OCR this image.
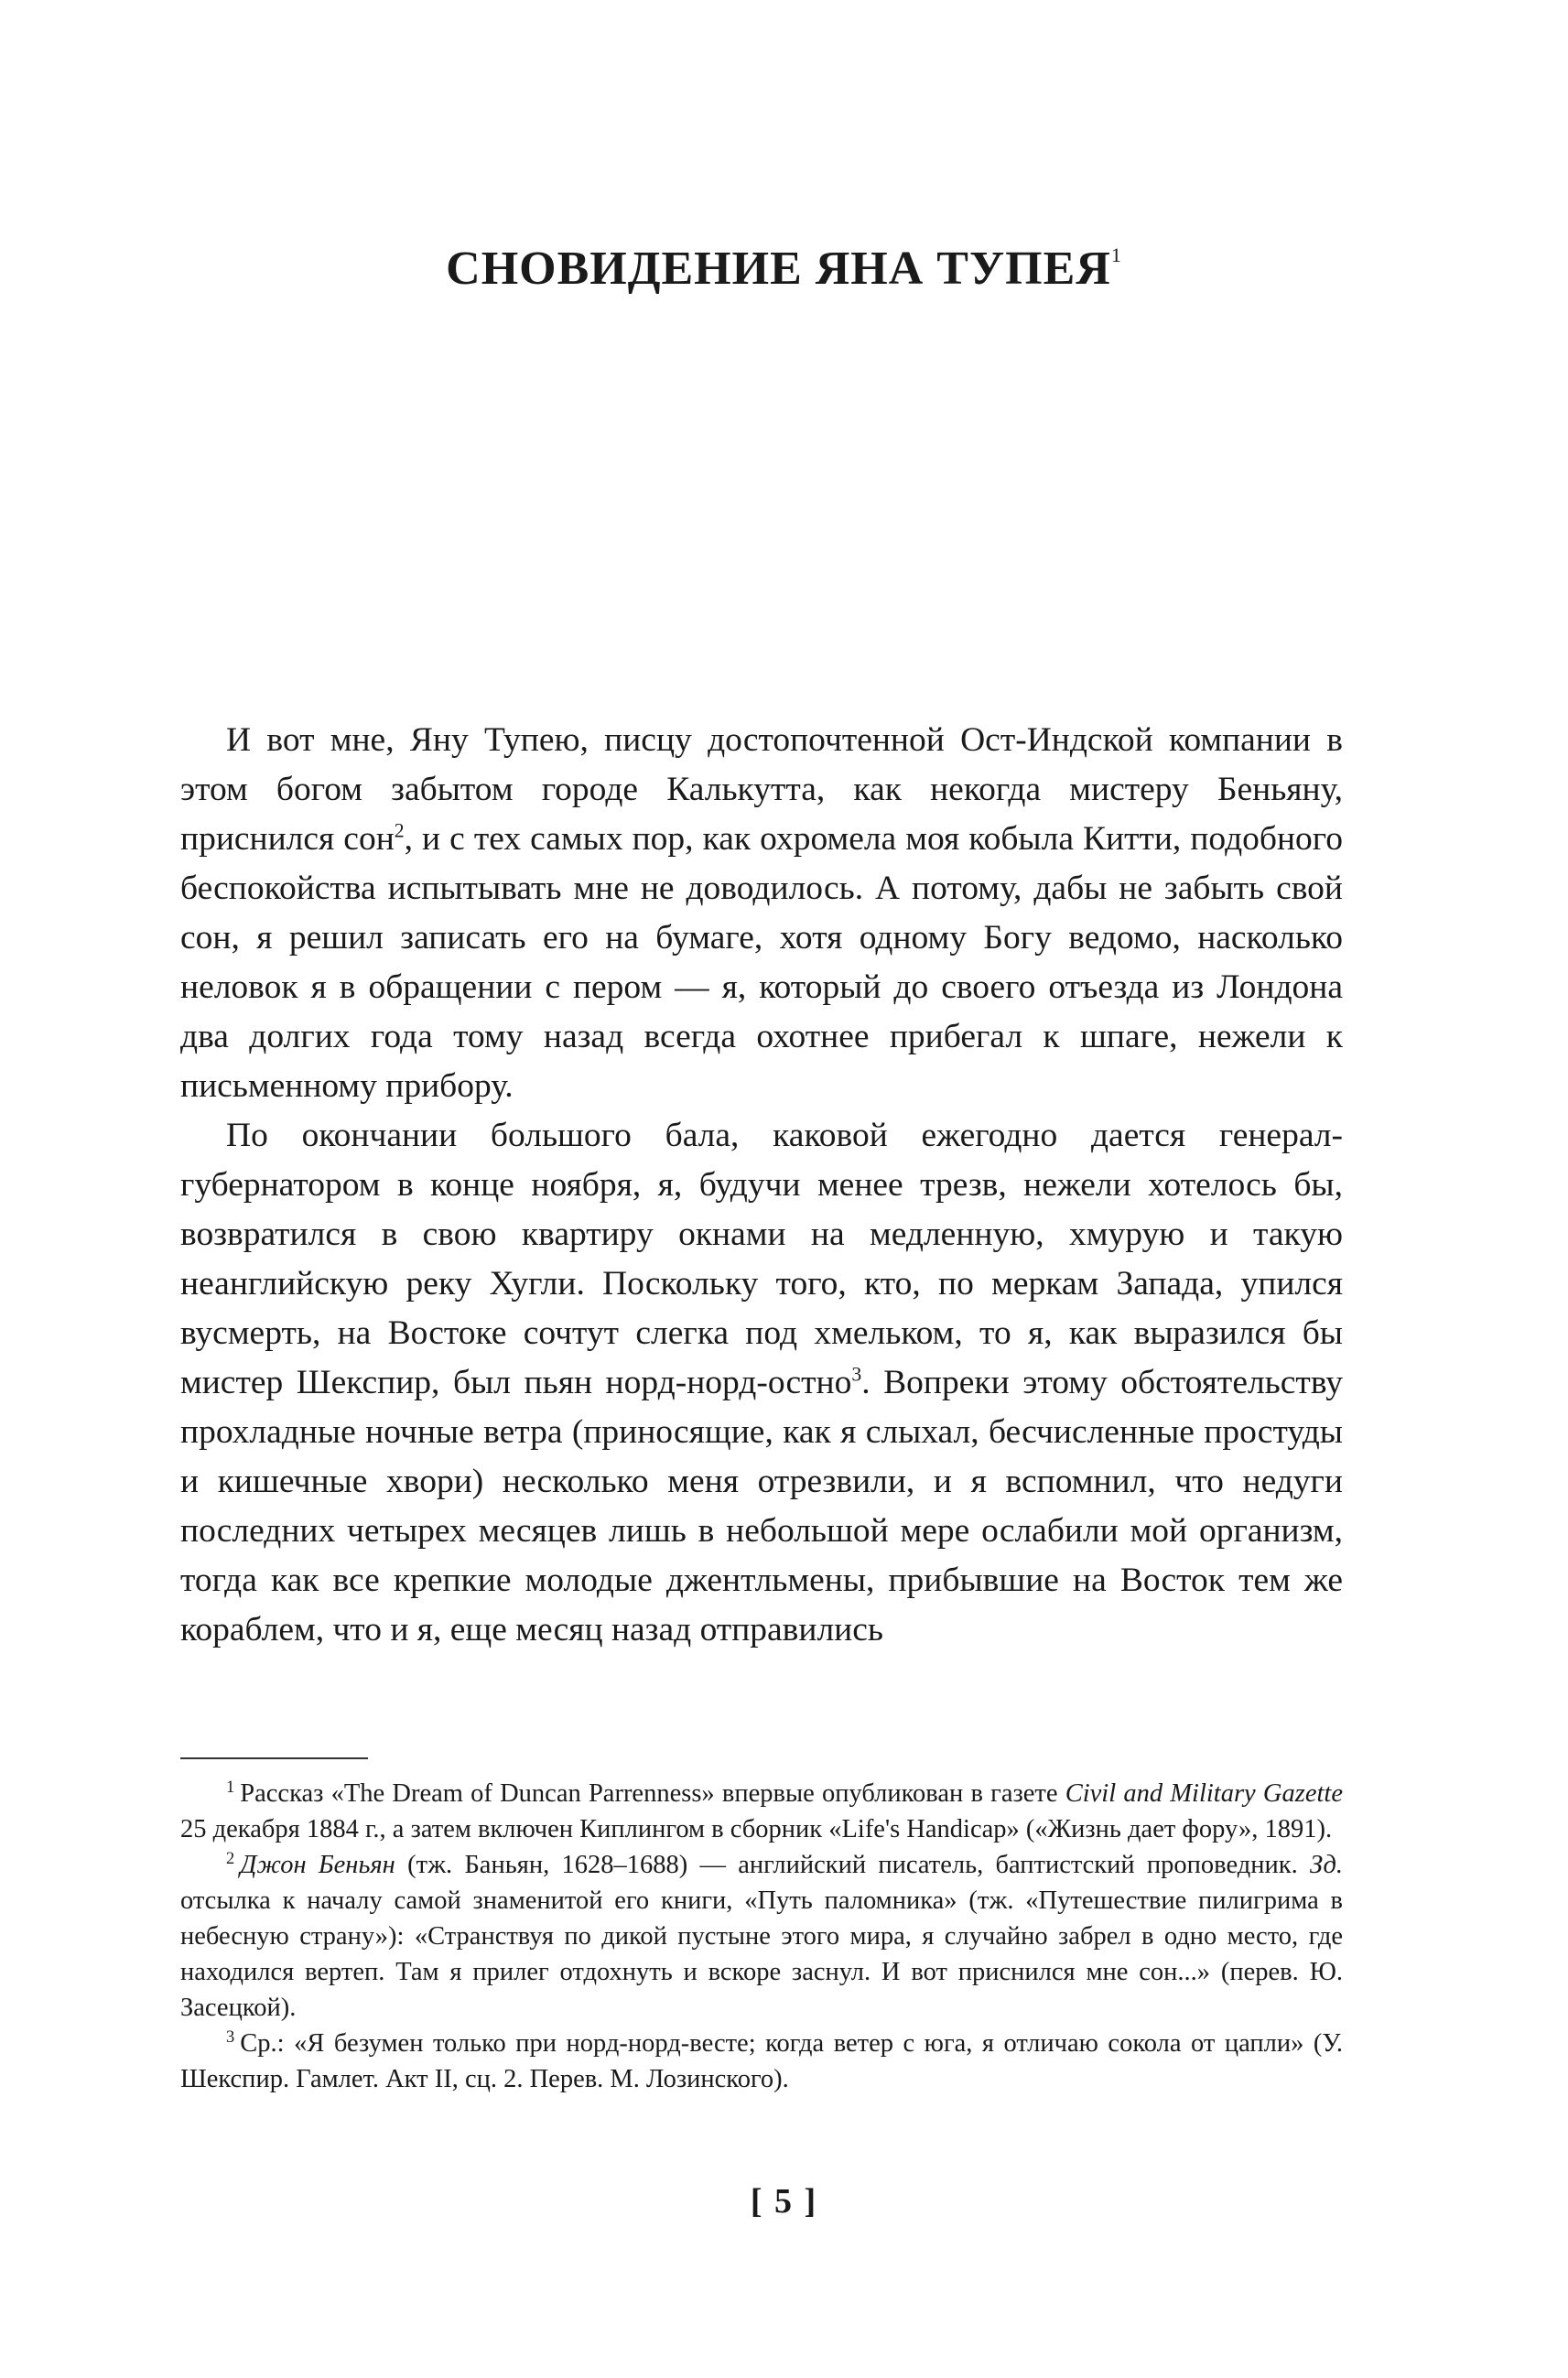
СНОВИДЕНИЕ ЯНА ТУПЕЯ$^1$

И вот мне, Яну Тупею, писцу достопочтенной Ост-Индской компании в этом богом забытом городе Калькутта, как некогда мистеру Беньяну, приснился сон$^2$, и с тех самых пор, как охромела моя кобыла Китти, подобного беспокойства испытывать мне не доводилось. А потому, дабы не забыть свой сон, я решил записать его на бумаге, хотя одному Богу ведомо, насколько неловок я в обращении с пером — я, который до своего отъезда из Лондона два долгих года тому назад всегда охотнее прибегал к шпаге, нежели к письменному прибору.

По окончании большого бала, каковой ежегодно дается генерал-губернатором в конце ноября, я, будучи менее трезв, нежели хотелось бы, возвратился в свою квартиру окнами на медленную, хмурую и такую неанглийскую реку Хугли. Поскольку того, кто, по меркам Запада, упился вусмерть, на Востоке сочтут слегка под хмельком, то я, как выразился бы мистер Шекспир, был пьян норд-норд-остно$^3$. Вопреки этому обстоятельству прохладные ночные ветра (приносящие, как я слыхал, бесчисленные простуды и кишечные хвори) несколько меня отрезвили, и я вспомнил, что недуги последних четырех месяцев лишь в небольшой мере ослабили мой организм, тогда как все крепкие молодые джентльмены, прибывшие на Восток тем же кораблем, что и я, еще месяц назад отправились

$^1$ Рассказ «The Dream of Duncan Parrenness» впервые опубликован в газете Civil and Military Gazette 25 декабря 1884 г., а затем включен Киплингом в сборник «Life's Handicap» («Жизнь дает фору», 1891).

$^2$ Джон Беньян (тж. Баньян, 1628–1688) — английский писатель, баптистский проповедник. Зд. отсылка к началу самой знаменитой его книги, «Путь паломника» (тж. «Путешествие пилигрима в небесную страну»): «Странствуя по дикой пустыне этого мира, я случайно забрел в одно место, где находился вертеп. Там я прилег отдохнуть и вскоре заснул. И вот приснился мне сон...» (перев. Ю. Засецкой).

$^3$ Ср.: «Я безумен только при норд-норд-весте; когда ветер с юга, я отличаю сокола от цапли» (У. Шекспир. Гамлет. Акт II, сц. 2. Перев. М. Лозинского).

[ 5 ]
